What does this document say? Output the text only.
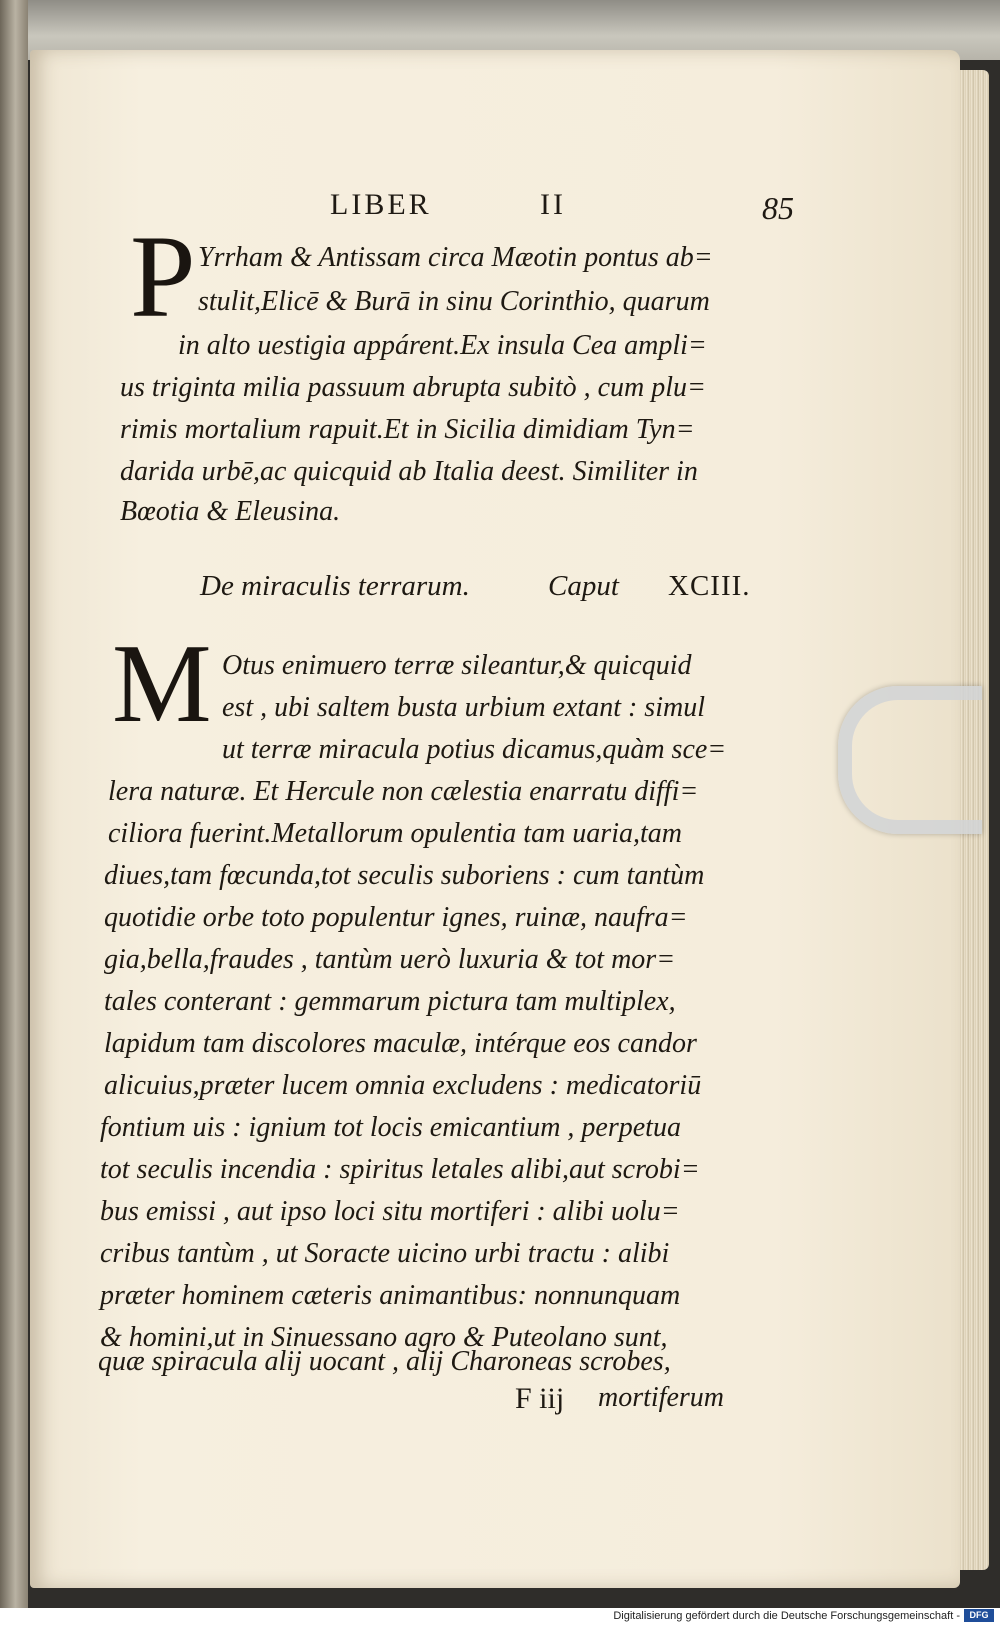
LIBER	II	85
P Yrrham & Antissam circa Mæotin pontus ab=
stulit,Elicē & Burā in sinu Corinthio, quarum
in alto uestigia appárent.Ex insula Cea ampli=
us triginta milia passuum abrupta subitò , cum plu=
rimis mortalium rapuit.Et in Sicilia dimidiam Tyn=
darida urbē,ac quicquid ab Italia deest. Similiter in
Bœotia & Eleusina.
De miraculis terrarum.	Caput XCIII.
M Otus enimuero terræ sileantur,& quicquid
est , ubi saltem busta urbium extant : simul
ut terræ miracula potius dicamus,quàm sce=
lera naturæ. Et Hercule non cælestia enarratu diffi=
ciliora fuerint.Metallorum opulentia tam uaria,tam
diues,tam fœcunda,tot seculis suboriens : cum tantùm
quotidie orbe toto populentur ignes, ruinæ, naufra=
gia,bella,fraudes , tantùm uerò luxuria & tot mor=
tales conterant : gemmarum pictura tam multiplex,
lapidum tam discolores maculæ, intérque eos candor
alicuius,præter lucem omnia excludens : medicatoriū
fontium uis : ignium tot locis emicantium , perpetua
tot seculis incendia : spiritus letales alibi,aut scrobi=
bus emissi , aut ipso loci situ mortiferi : alibi uolu=
cribus tantùm , ut Soracte uicino urbi tractu : alibi
præter hominem cæteris animantibus: nonnunquam
& homini,ut in Sinuessano agro & Puteolano sunt,
quæ spiracula alij uocant , alij Charoneas scrobes,
F iij mortiferum
Digitalisierung gefördert durch die Deutsche Forschungsgemeinschaft -	DFG
